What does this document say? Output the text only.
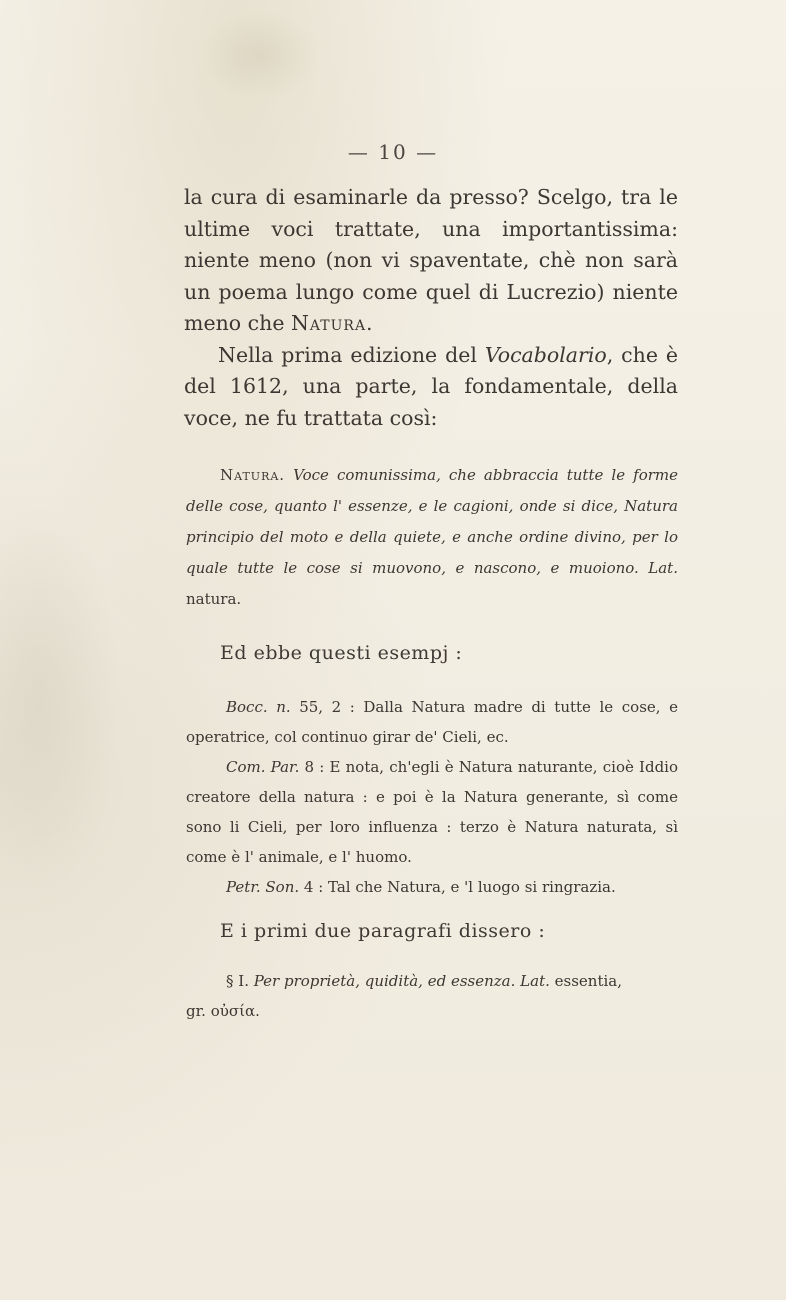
— 10 —

la cura di esaminarle da presso? Scelgo, tra le ultime voci trattate, una importantissima: niente meno (non vi spaventate, chè non sarà un poema lungo come quel di Lucrezio) niente meno che Natura.

Nella prima edizione del Vocabolario, che è del 1612, una parte, la fondamentale, della voce, ne fu trattata così:

Natura. Voce comunissima, che abbraccia tutte le forme delle cose, quanto l' essenze, e le cagioni, onde si dice, Natura principio del moto e della quiete, e anche ordine divino, per lo quale tutte le cose si muovono, e nascono, e muoiono. Lat. natura.

Ed ebbe questi esempj :

Bocc. n. 55, 2 : Dalla Natura madre di tutte le cose, e operatrice, col continuo girar de' Cieli, ec.

Com. Par. 8 : E nota, ch'egli è Natura naturante, cioè Iddio creatore della natura : e poi è la Natura generante, sì come sono li Cieli, per loro influenza : terzo è Natura naturata, sì come è l' animale, e l' huomo.

Petr. Son. 4 : Tal che Natura, e 'l luogo si ringrazia.

E i primi due paragrafi dissero :

§ I. Per proprietà, quidità, ed essenza. Lat. essentia,

gr. οὐσία.
